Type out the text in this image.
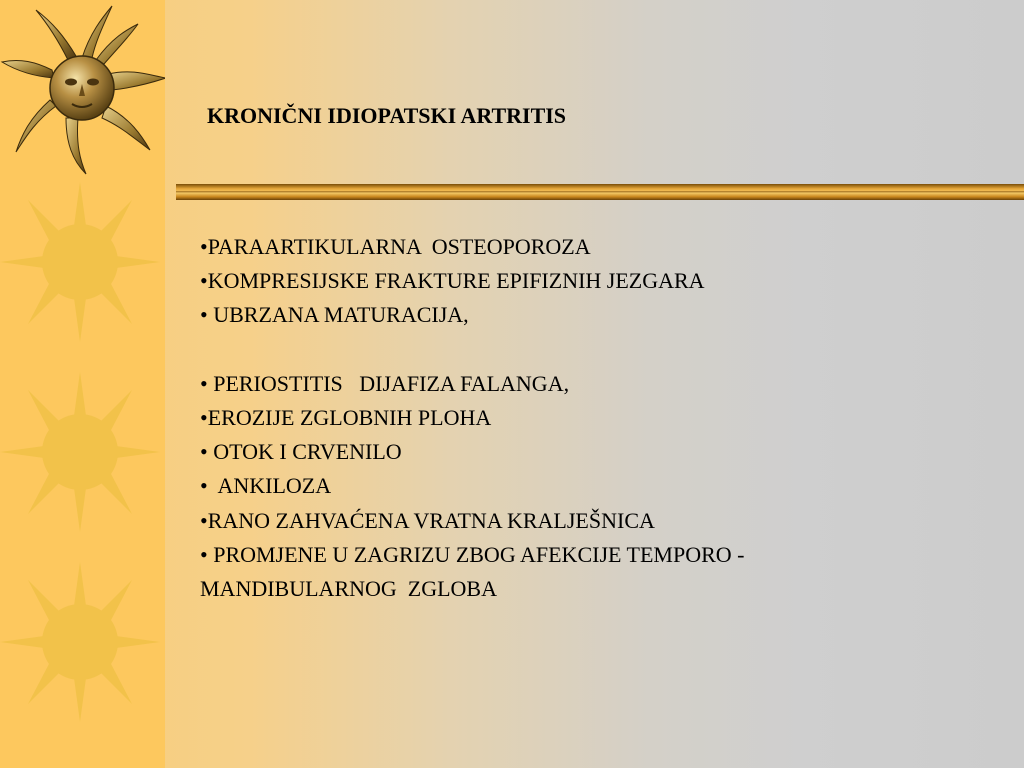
KRONIČNI IDIOPATSKI ARTRITIS
•PARAARTIKULARNA  OSTEOPOROZA
•KOMPRESIJSKE FRAKTURE EPIFIZNIH JEZGARA
• UBRZANA MATURACIJA,
• PERIOSTITIS   DIJAFIZA FALANGA,
•EROZIJE ZGLOBNIH PLOHA
• OTOK I CRVENILO
•  ANKILOZA
•RANO ZAHVAĆENA VRATNA KRALJEŠNICA
• PROMJENE U ZAGRIZU ZBOG AFEKCIJE TEMPORO -
MANDIBULARNOG  ZGLOBA
